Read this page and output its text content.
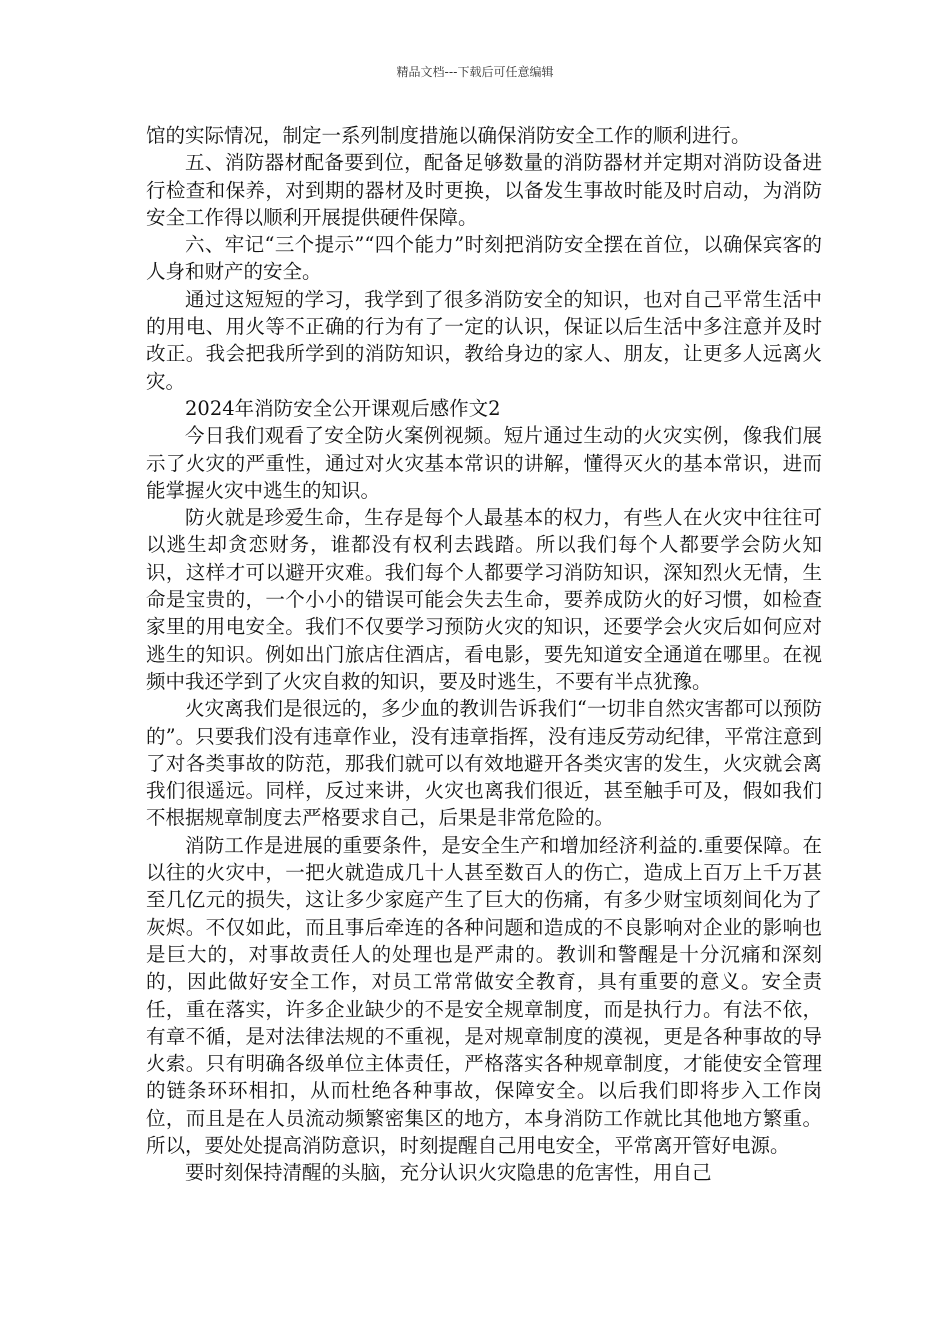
精品文档---下载后可任意编辑

馆的实际情况，制定一系列制度措施以确保消防安全工作的顺利进行。

五、消防器材配备要到位，配备足够数量的消防器材并定期对消防设备进行检查和保养，对到期的器材及时更换，以备发生事故时能及时启动，为消防安全工作得以顺利开展提供硬件保障。

六、牢记“三个提示”“四个能力”时刻把消防安全摆在首位，以确保宾客的人身和财产的安全。

通过这短短的学习，我学到了很多消防安全的知识，也对自己平常生活中的用电、用火等不正确的行为有了一定的认识，保证以后生活中多注意并及时改正。我会把我所学到的消防知识，教给身边的家人、朋友，让更多人远离火灾。

2024年消防安全公开课观后感作文2

今日我们观看了安全防火案例视频。短片通过生动的火灾实例，像我们展示了火灾的严重性，通过对火灾基本常识的讲解，懂得灭火的基本常识，进而能掌握火灾中逃生的知识。

防火就是珍爱生命，生存是每个人最基本的权力，有些人在火灾中往往可以逃生却贪恋财务，谁都没有权利去践踏。所以我们每个人都要学会防火知识，这样才可以避开灾难。我们每个人都要学习消防知识，深知烈火无情，生命是宝贵的，一个小小的错误可能会失去生命，要养成防火的好习惯，如检查家里的用电安全。我们不仅要学习预防火灾的知识，还要学会火灾后如何应对逃生的知识。例如出门旅店住酒店，看电影，要先知道安全通道在哪里。在视频中我还学到了火灾自救的知识，要及时逃生，不要有半点犹豫。

火灾离我们是很远的，多少血的教训告诉我们“一切非自然灾害都可以预防的”。只要我们没有违章作业，没有违章指挥，没有违反劳动纪律，平常注意到了对各类事故的防范，那我们就可以有效地避开各类灾害的发生，火灾就会离我们很遥远。同样，反过来讲，火灾也离我们很近，甚至触手可及，假如我们不根据规章制度去严格要求自己，后果是非常危险的。

消防工作是进展的重要条件，是安全生产和增加经济利益的.重要保障。在以往的火灾中，一把火就造成几十人甚至数百人的伤亡，造成上百万上千万甚至几亿元的损失，这让多少家庭产生了巨大的伤痛，有多少财宝顷刻间化为了灰烬。不仅如此，而且事后牵连的各种问题和造成的不良影响对企业的影响也是巨大的，对事故责任人的处理也是严肃的。教训和警醒是十分沉痛和深刻的，因此做好安全工作，对员工常常做安全教育，具有重要的意义。安全责任，重在落实，许多企业缺少的不是安全规章制度，而是执行力。有法不依，有章不循，是对法律法规的不重视，是对规章制度的漠视，更是各种事故的导火索。只有明确各级单位主体责任，严格落实各种规章制度，才能使安全管理的链条环环相扣，从而杜绝各种事故，保障安全。以后我们即将步入工作岗位，而且是在人员流动频繁密集区的地方，本身消防工作就比其他地方繁重。所以，要处处提高消防意识，时刻提醒自己用电安全，平常离开管好电源。

要时刻保持清醒的头脑，充分认识火灾隐患的危害性，用自己
